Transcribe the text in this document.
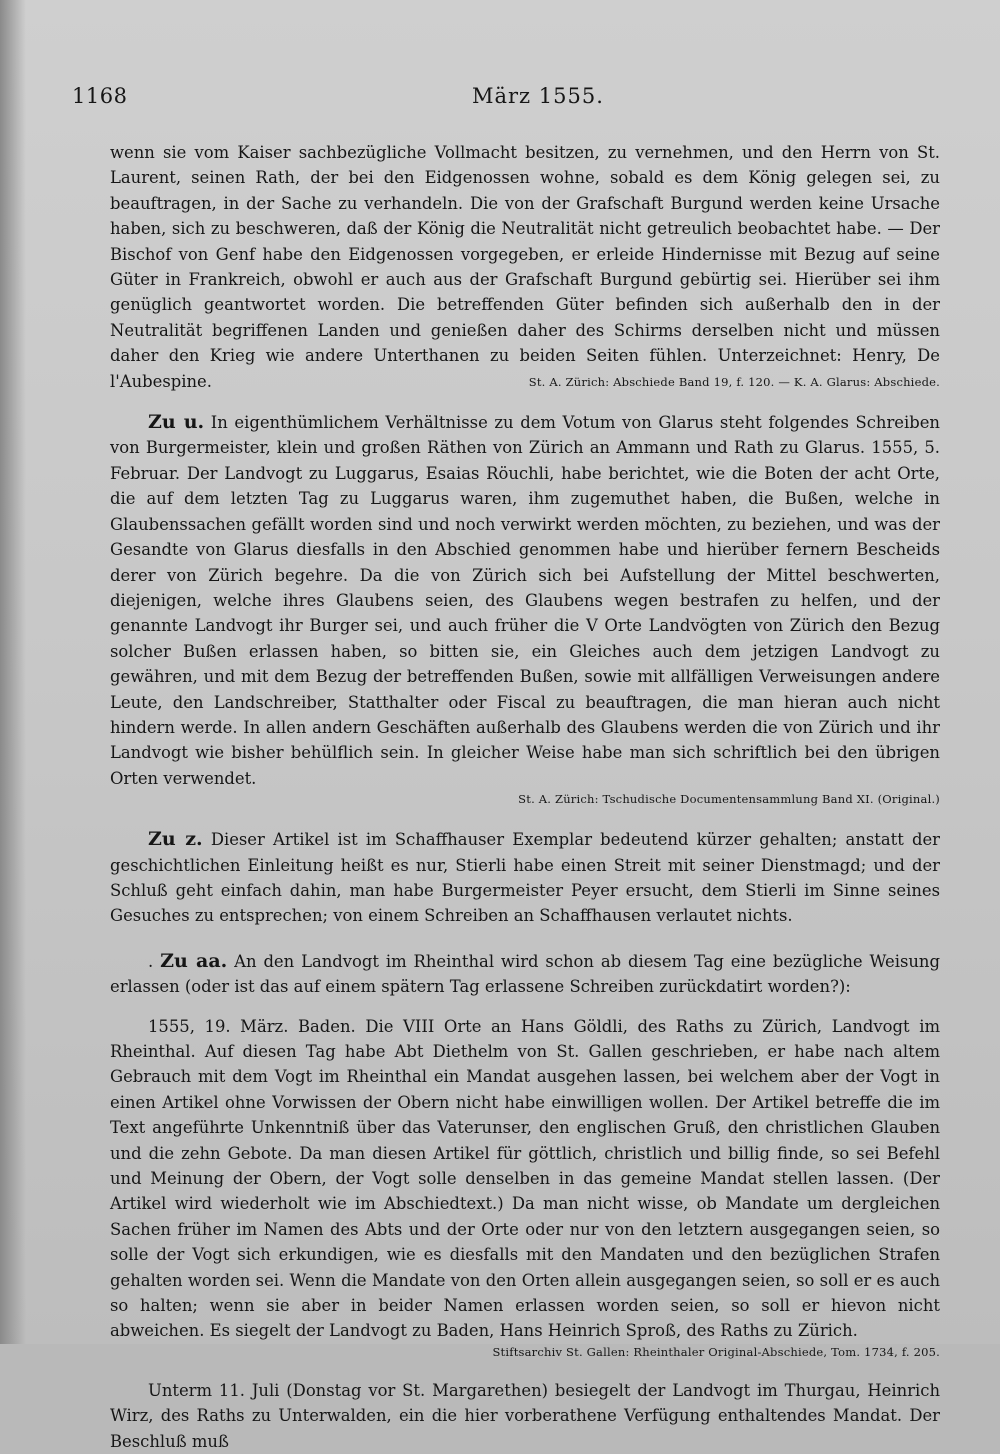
1168	März 1555.

wenn sie vom Kaiser sachbezügliche Vollmacht besitzen, zu vernehmen, und den Herrn von St. Laurent, seinen Rath, der bei den Eidgenossen wohne, sobald es dem König gelegen sei, zu beauftragen, in der Sache zu verhandeln. Die von der Grafschaft Burgund werden keine Ursache haben, sich zu beschweren, daß der König die Neutralität nicht getreulich beobachtet habe. — Der Bischof von Genf habe den Eidgenossen vorgegeben, er erleide Hindernisse mit Bezug auf seine Güter in Frankreich, obwohl er auch aus der Grafschaft Burgund gebürtig sei. Hierüber sei ihm genüglich geantwortet worden. Die betreffenden Güter befinden sich außerhalb den in der Neutralität begriffenen Landen und genießen daher des Schirms derselben nicht und müssen daher den Krieg wie andere Unterthanen zu beiden Seiten fühlen. Unterzeichnet: Henry, De l'Aubespine.	St. A. Zürich: Abschiede Band 19, f. 120. — K. A. Glarus: Abschiede.

Zu u. In eigenthümlichem Verhältnisse zu dem Votum von Glarus steht folgendes Schreiben von Burgermeister, klein und großen Räthen von Zürich an Ammann und Rath zu Glarus. 1555, 5. Februar. Der Landvogt zu Luggarus, Esaias Röuchli, habe berichtet, wie die Boten der acht Orte, die auf dem letzten Tag zu Luggarus waren, ihm zugemuthet haben, die Bußen, welche in Glaubenssachen gefällt worden sind und noch verwirkt werden möchten, zu beziehen, und was der Gesandte von Glarus diesfalls in den Abschied genommen habe und hierüber fernern Bescheids derer von Zürich begehre. Da die von Zürich sich bei Aufstellung der Mittel beschwerten, diejenigen, welche ihres Glaubens seien, des Glaubens wegen bestrafen zu helfen, und der genannte Landvogt ihr Burger sei, und auch früher die V Orte Landvögten von Zürich den Bezug solcher Bußen erlassen haben, so bitten sie, ein Gleiches auch dem jetzigen Landvogt zu gewähren, und mit dem Bezug der betreffenden Bußen, sowie mit allfälligen Verweisungen andere Leute, den Landschreiber, Statthalter oder Fiscal zu beauftragen, die man hieran auch nicht hindern werde. In allen andern Geschäften außerhalb des Glaubens werden die von Zürich und ihr Landvogt wie bisher behülflich sein. In gleicher Weise habe man sich schriftlich bei den übrigen Orten verwendet.

St. A. Zürich: Tschudische Documentensammlung Band XI. (Original.)

Zu z. Dieser Artikel ist im Schaffhauser Exemplar bedeutend kürzer gehalten; anstatt der geschichtlichen Einleitung heißt es nur, Stierli habe einen Streit mit seiner Dienstmagd; und der Schluß geht einfach dahin, man habe Burgermeister Peyer ersucht, dem Stierli im Sinne seines Gesuches zu entsprechen; von einem Schreiben an Schaffhausen verlautet nichts.

. Zu aa. An den Landvogt im Rheinthal wird schon ab diesem Tag eine bezügliche Weisung erlassen (oder ist das auf einem spätern Tag erlassene Schreiben zurückdatirt worden?):

1555, 19. März. Baden. Die VIII Orte an Hans Göldli, des Raths zu Zürich, Landvogt im Rheinthal. Auf diesen Tag habe Abt Diethelm von St. Gallen geschrieben, er habe nach altem Gebrauch mit dem Vogt im Rheinthal ein Mandat ausgehen lassen, bei welchem aber der Vogt in einen Artikel ohne Vorwissen der Obern nicht habe einwilligen wollen. Der Artikel betreffe die im Text angeführte Unkenntniß über das Vaterunser, den englischen Gruß, den christlichen Glauben und die zehn Gebote. Da man diesen Artikel für göttlich, christlich und billig finde, so sei Befehl und Meinung der Obern, der Vogt solle denselben in das gemeine Mandat stellen lassen. (Der Artikel wird wiederholt wie im Abschiedtext.) Da man nicht wisse, ob Mandate um dergleichen Sachen früher im Namen des Abts und der Orte oder nur von den letztern ausgegangen seien, so solle der Vogt sich erkundigen, wie es diesfalls mit den Mandaten und den bezüglichen Strafen gehalten worden sei. Wenn die Mandate von den Orten allein ausgegangen seien, so soll er es auch so halten; wenn sie aber in beider Namen erlassen worden seien, so soll er hievon nicht abweichen. Es siegelt der Landvogt zu Baden, Hans Heinrich Sproß, des Raths zu Zürich.

Stiftsarchiv St. Gallen: Rheinthaler Original-Abschiede, Tom. 1734, f. 205.

Unterm 11. Juli (Donstag vor St. Margarethen) besiegelt der Landvogt im Thurgau, Heinrich Wirz, des Raths zu Unterwalden, ein die hier vorberathene Verfügung enthaltendes Mandat. Der Beschluß muß
